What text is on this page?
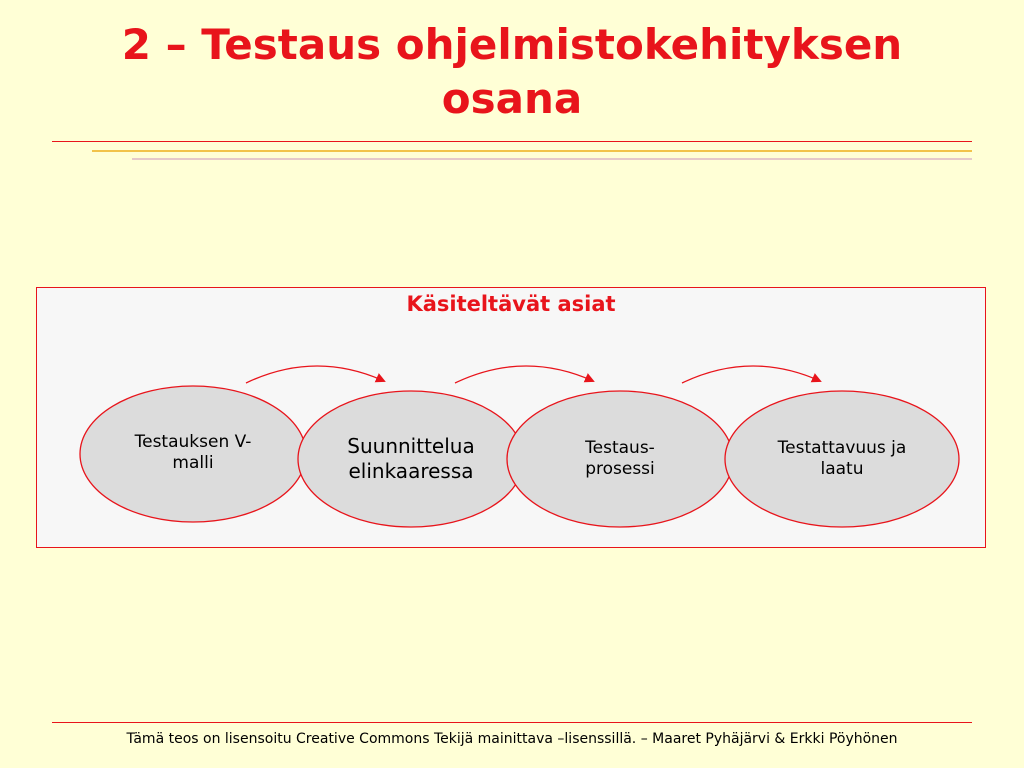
2 – Testaus ohjelmistokehityksen
osana
Käsiteltävät asiat
Testauksen V-
malli
Suunnittelua
elinkaaressa
Testaus-
prosessi
Testattavuus ja
laatu
Tämä teos on lisensoitu Creative Commons Tekijä mainittava –lisenssillä. – Maaret Pyhäjärvi & Erkki Pöyhönen
